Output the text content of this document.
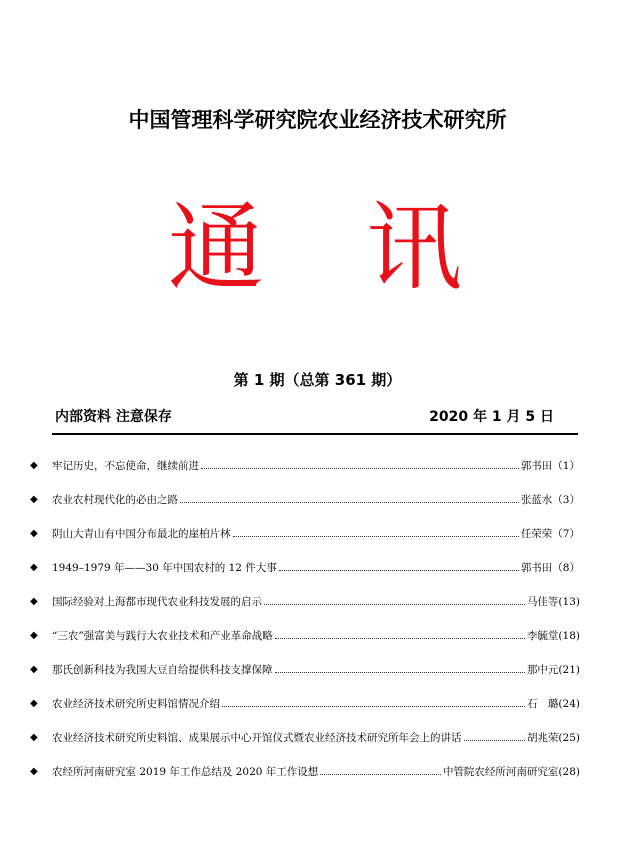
中国管理科学研究院农业经济技术研究所
通 讯
第 1 期（总第 361 期）
内部资料 注意保存	2020 年 1 月 5 日
◆	牢记历史，不忘使命，继续前进	郭书田（1）
◆	农业农村现代化的必由之路	张蓝水（3）
◆	阴山大青山有中国分布最北的崖柏片林	任荣荣（7）
◆	1949–1979 年——30 年中国农村的 12 件大事	郭书田（8）
◆	国际经验对上海都市现代农业科技发展的启示	马佳等(13)
◆	“三农”强富美与践行大农业技术和产业革命战略	李毓堂(18)
◆	那氏创新科技为我国大豆自给提供科技支撑保障	那中元(21)
◆	农业经济技术研究所史料馆情况介绍	石　璐(24)
◆	农业经济技术研究所史料馆、成果展示中心开馆仪式暨农业经济技术研究所年会上的讲话	胡兆荣(25)
◆	农经所河南研究室 2019 年工作总结及 2020 年工作设想	中管院农经所河南研究室(28)
